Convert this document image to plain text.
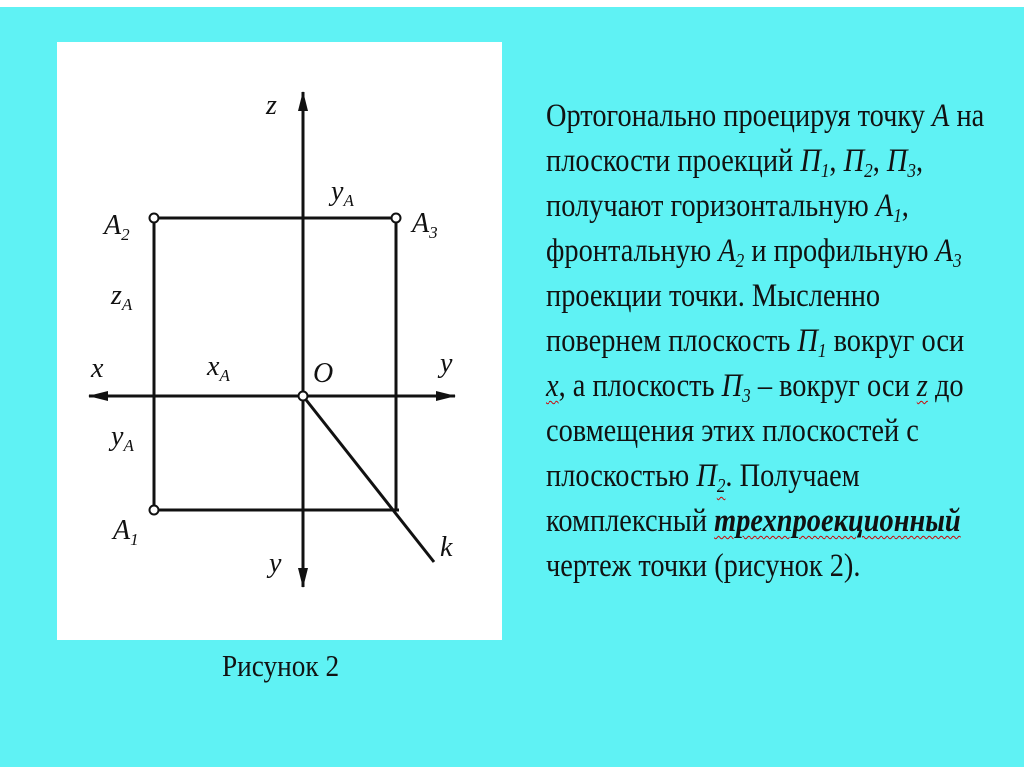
z
x	y
y
O
k
A2	A3
A1
yA
zA
xA
yA
Рисунок 2
Ортогонально проецируя точку А на
плоскости проекций $П_1$, $П_2$, $П_3$,
получают горизонтальную $А_1$,
фронтальную $А_2$ и профильную $А_3$
проекции точки. Мысленно
повернем плоскость $П_1$ вокруг оси
х, а плоскость $П_3$ – вокруг оси z до
совмещения этих плоскостей с
плоскостью $П_2$. Получаем
комплексный трехпроекционный
чертеж точки (рисунок 2).
